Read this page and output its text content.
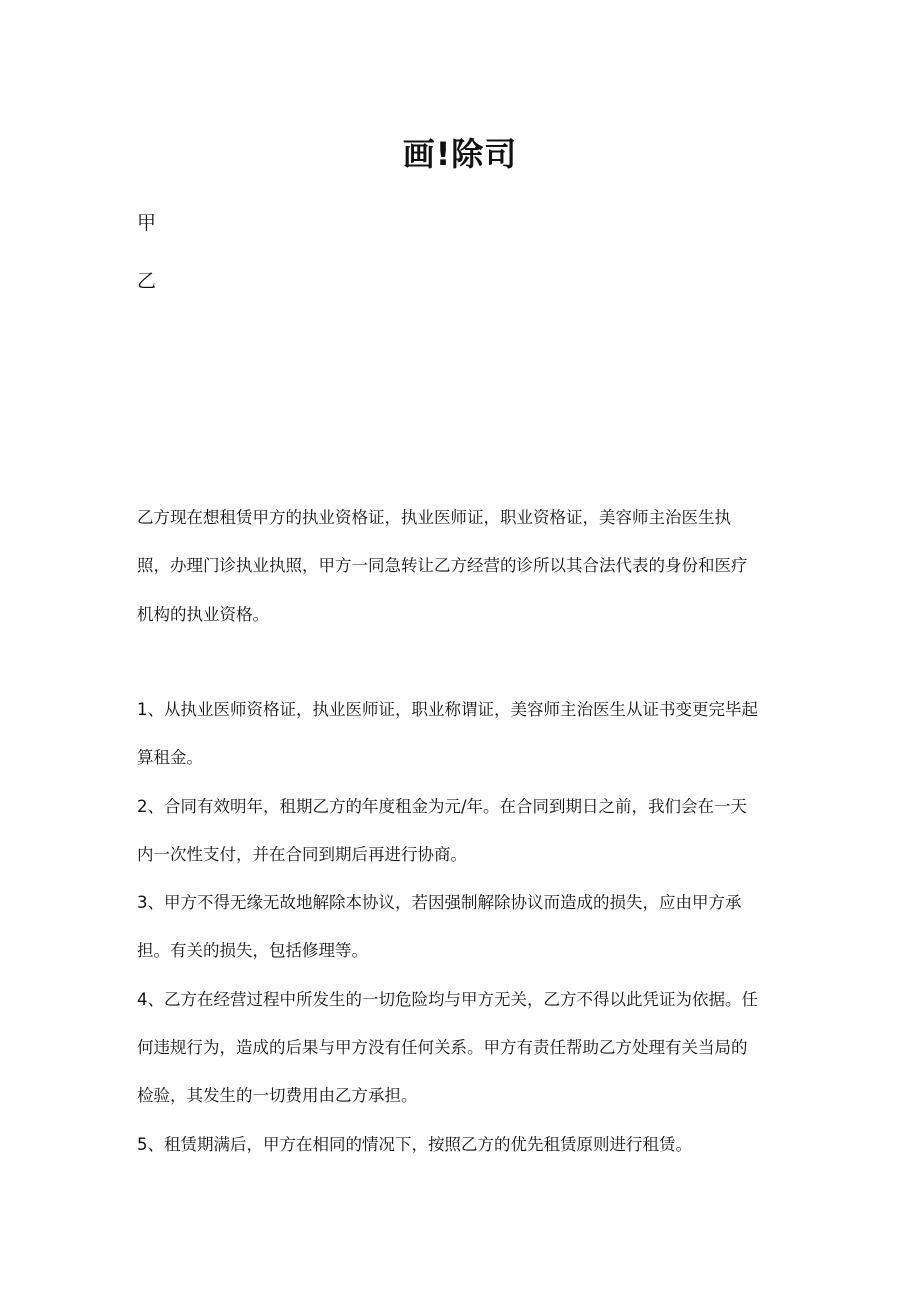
画!除司
甲
乙
乙方现在想租赁甲方的执业资格证，执业医师证，职业资格证，美容师主治医生执
照，办理门诊执业执照，甲方一同急转让乙方经营的诊所以其合法代表的身份和医疗
机构的执业资格。

1、从执业医师资格证，执业医师证，职业称谓证，美容师主治医生从证书变更完毕起
算租金。

2、合同有效明年，租期乙方的年度租金为元/年。在合同到期日之前，我们会在一天
内一次性支付，并在合同到期后再进行协商。

3、甲方不得无缘无故地解除本协议，若因强制解除协议而造成的损失，应由甲方承
担。有关的损失，包括修理等。

4、乙方在经营过程中所发生的一切危险均与甲方无关，乙方不得以此凭证为依据。任
何违规行为，造成的后果与甲方没有任何关系。甲方有责任帮助乙方处理有关当局的
检验，其发生的一切费用由乙方承担。

5、租赁期满后，甲方在相同的情况下，按照乙方的优先租赁原则进行租赁。
